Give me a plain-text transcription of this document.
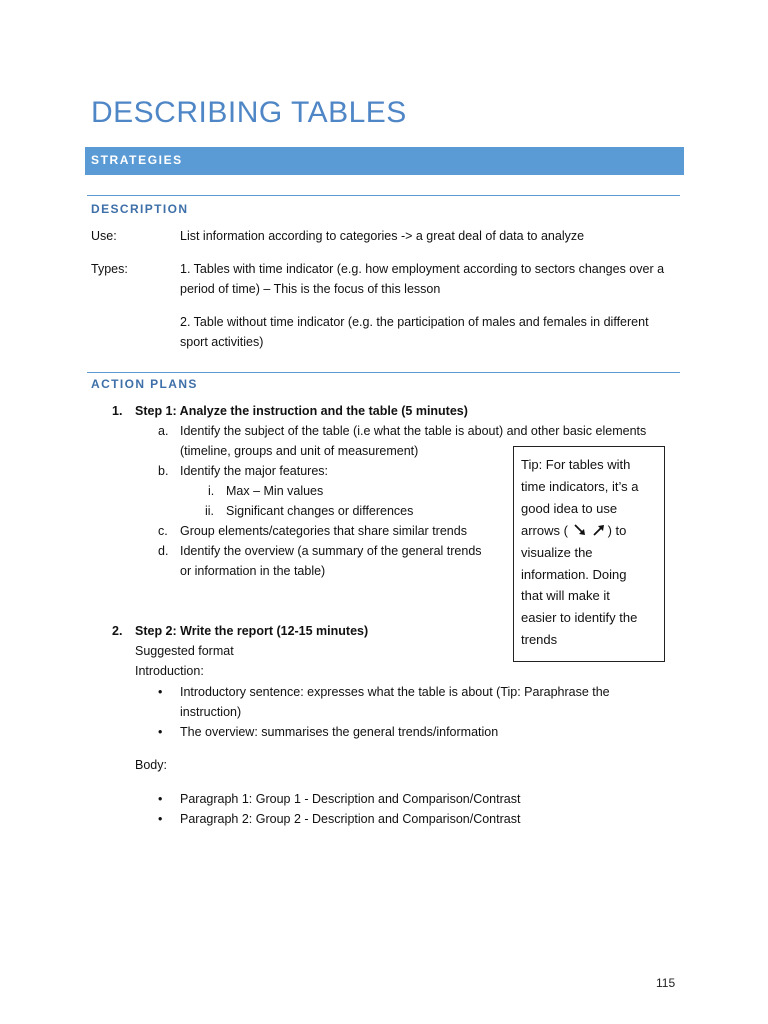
DESCRIBING TABLES
STRATEGIES
DESCRIPTION
Use:	List information according to categories -> a great deal of data to analyze
Types:	1. Tables with time indicator (e.g. how employment according to sectors changes over a
period of time) – This is the focus of this lesson
2. Table without time indicator (e.g. the participation of males and females in different
sport activities)
ACTION PLANS
1. Step 1: Analyze the instruction and the table (5 minutes)
a. Identify the subject of the table (i.e what the table is about) and other basic elements
(timeline, groups and unit of measurement)
b. Identify the major features:
i. Max – Min values
ii. Significant changes or differences
c. Group elements/categories that share similar trends
d. Identify the overview (a summary of the general trends
or information in the table)
Tip: For tables with
time indicators, it’s a
good idea to use
arrows (	) to
visualize the
information. Doing
that will make it
easier to identify the
trends
2. Step 2: Write the report (12-15 minutes)
Suggested format
Introduction:
• Introductory sentence: expresses what the table is about (Tip: Paraphrase the
instruction)
• The overview: summarises the general trends/information
Body:
• Paragraph 1: Group 1 - Description and Comparison/Contrast
• Paragraph 2: Group 2 - Description and Comparison/Contrast
115
